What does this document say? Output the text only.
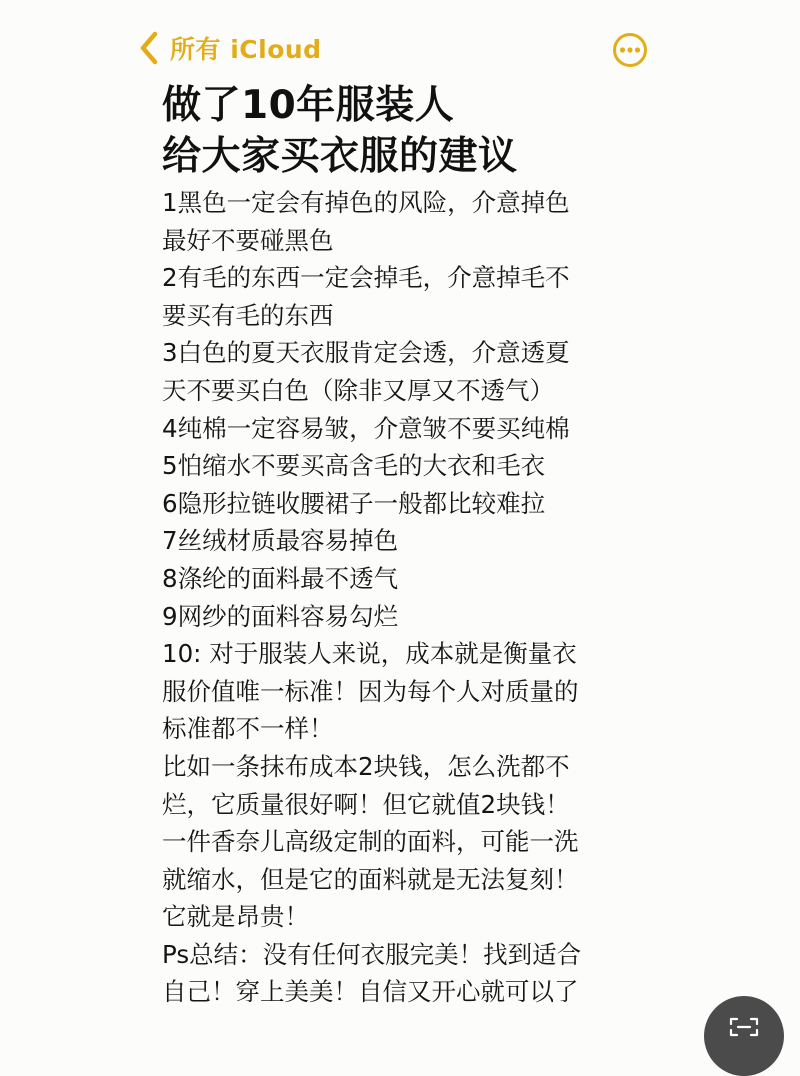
所有 iCloud
做了10年服装人
给大家买衣服的建议
1黑色一定会有掉色的风险，介意掉色
最好不要碰黑色
2有毛的东西一定会掉毛，介意掉毛不
要买有毛的东西
3白色的夏天衣服肯定会透，介意透夏
天不要买白色（除非又厚又不透气）
4纯棉一定容易皱，介意皱不要买纯棉
5怕缩水不要买高含毛的大衣和毛衣
6隐形拉链收腰裙子一般都比较难拉
7丝绒材质最容易掉色
8涤纶的面料最不透气
9网纱的面料容易勾烂
10: 对于服装人来说，成本就是衡量衣
服价值唯一标准！因为每个人对质量的
标准都不一样！
比如一条抹布成本2块钱，怎么洗都不
烂，它质量很好啊！但它就值2块钱！
一件香奈儿高级定制的面料，可能一洗
就缩水，但是它的面料就是无法复刻！
它就是昂贵！
Ps总结：没有任何衣服完美！找到适合
自己！穿上美美！自信又开心就可以了
